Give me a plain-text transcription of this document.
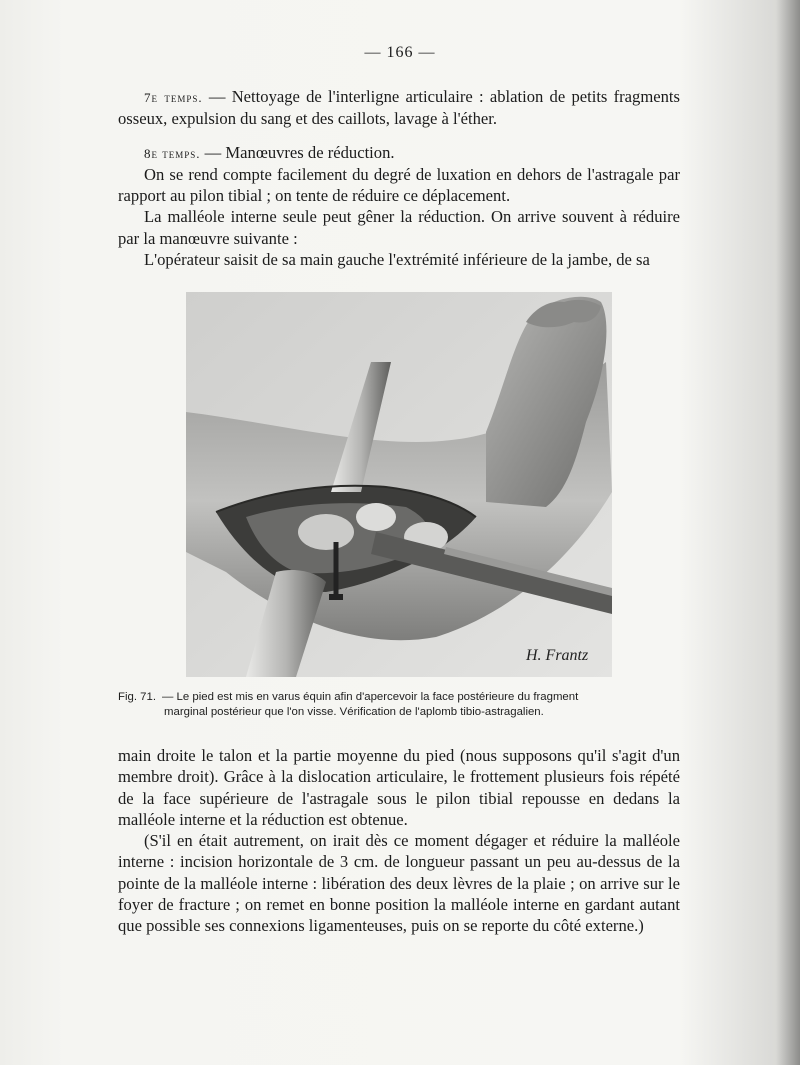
— 166 —

7e temps. — Nettoyage de l'interligne articulaire : ablation de petits fragments osseux, expulsion du sang et des caillots, lavage à l'éther.

8e temps. — Manœuvres de réduction.

On se rend compte facilement du degré de luxation en dehors de l'astragale par rapport au pilon tibial ; on tente de réduire ce déplacement.

La malléole interne seule peut gêner la réduction. On arrive souvent à réduire par la manœuvre suivante :

L'opérateur saisit de sa main gauche l'extrémité inférieure de la jambe, de sa

H. Frantz
Fig. 71. — Le pied est mis en varus équin afin d'apercevoir la face postérieure du fragment
marginal postérieur que l'on visse. Vérification de l'aplomb tibio-astragalien.

main droite le talon et la partie moyenne du pied (nous supposons qu'il s'agit d'un membre droit). Grâce à la dislocation articulaire, le frottement plusieurs fois répété de la face supérieure de l'astragale sous le pilon tibial repousse en dedans la malléole interne et la réduction est obtenue.

(S'il en était autrement, on irait dès ce moment dégager et réduire la malléole interne : incision horizontale de 3 cm. de longueur passant un peu au-dessus de la pointe de la malléole interne : libération des deux lèvres de la plaie ; on arrive sur le foyer de fracture ; on remet en bonne position la malléole interne en gardant autant que possible ses connexions ligamenteuses, puis on se reporte du côté externe.)
